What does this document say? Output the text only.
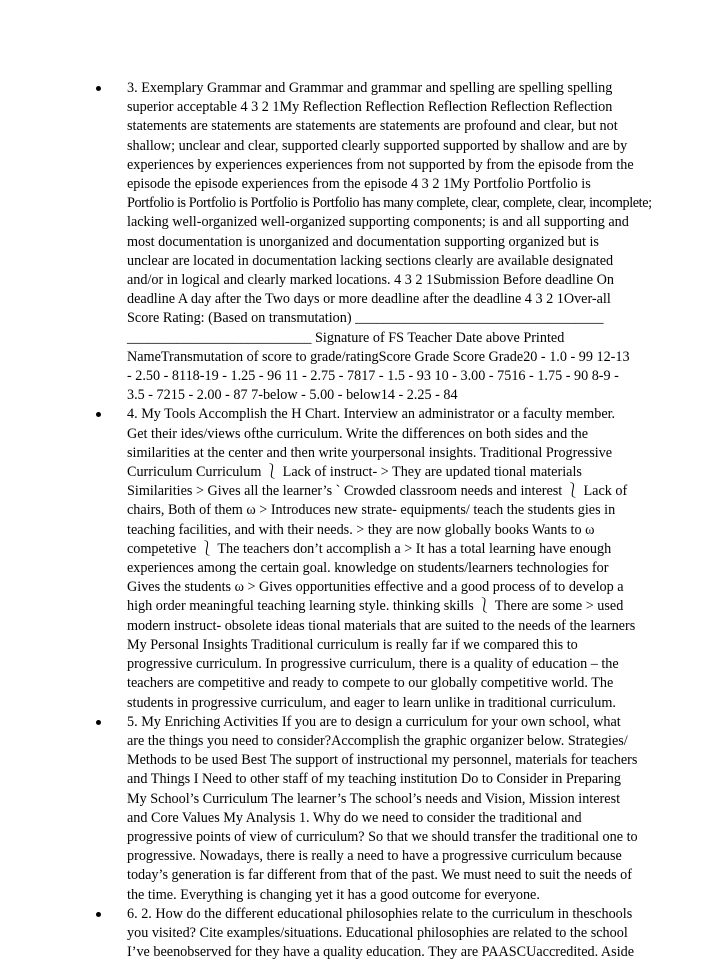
3. Exemplary Grammar and Grammar and grammar and spelling are spelling spelling
superior acceptable 4 3 2 1My Reflection Reflection Reflection Reflection Reflection
statements are statements are statements are statements are profound and clear, but not
shallow; unclear and clear, supported clearly supported supported by shallow and are by
experiences by experiences experiences from not supported by from the episode from the
episode the episode experiences from the episode 4 3 2 1My Portfolio Portfolio is
Portfolio is Portfolio is Portfolio is Portfolio has many complete, clear, complete, clear, incomplete;
lacking well-organized well-organized supporting components; is and all supporting and
most documentation is unorganized and documentation supporting organized but is
unclear are located in documentation lacking sections clearly are available designated
and/or in logical and clearly marked locations. 4 3 2 1Submission Before deadline On
deadline A day after the Two days or more deadline after the deadline 4 3 2 1Over-all
Score Rating: (Based on transmutation) ___________________________________
__________________________ Signature of FS Teacher Date above Printed
NameTransmutation of score to grade/ratingScore Grade Score Grade20 - 1.0 - 99 12-13
- 2.50 - 8118-19 - 1.25 - 96 11 - 2.75 - 7817 - 1.5 - 93 10 - 3.00 - 7516 - 1.75 - 90 8-9 -
3.5 - 7215 - 2.00 - 87 7-below - 5.00 - below14 - 2.25 - 84
4. My Tools Accomplish the H Chart. Interview an administrator or a faculty member.
Get their ides/views ofthe curriculum. Write the differences on both sides and the
similarities at the center and then write yourpersonal insights. Traditional Progressive
Curriculum Curriculum ⎱ Lack of instruct- > They are updated tional materials
Similarities > Gives all the learner’s ` Crowded classroom needs and interest ⎱ Lack of
chairs, Both of them ω > Introduces new strate- equipments/ teach the students gies in
teaching facilities, and with their needs. > they are now globally books Wants to ω
competetive ⎱ The teachers don’t accomplish a > It has a total learning have enough
experiences among the certain goal. knowledge on students/learners technologies for
Gives the students ω > Gives opportunities effective and a good process of to develop a
high order meaningful teaching learning style. thinking skills ⎱ There are some > used
modern instruct- obsolete ideas tional materials that are suited to the needs of the learners
My Personal Insights Traditional curriculum is really far if we compared this to
progressive curriculum. In progressive curriculum, there is a quality of education – the
teachers are competitive and ready to compete to our globally competitive world. The
students in progressive curriculum, and eager to learn unlike in traditional curriculum.
5. My Enriching Activities If you are to design a curriculum for your own school, what
are the things you need to consider?Accomplish the graphic organizer below. Strategies/
Methods to be used Best The support of instructional my personnel, materials for teachers
and Things I Need to other staff of my teaching institution Do to Consider in Preparing
My School’s Curriculum The learner’s The school’s needs and Vision, Mission interest
and Core Values My Analysis 1. Why do we need to consider the traditional and
progressive points of view of curriculum? So that we should transfer the traditional one to
progressive. Nowadays, there is really a need to have a progressive curriculum because
today’s generation is far different from that of the past. We must need to suit the needs of
the time. Everything is changing yet it has a good outcome for everyone.
6. 2. How do the different educational philosophies relate to the curriculum in theschools
you visited? Cite examples/situations. Educational philosophies are related to the school
I’ve beenobserved for they have a quality education. They are PAASCUaccredited. Aside
